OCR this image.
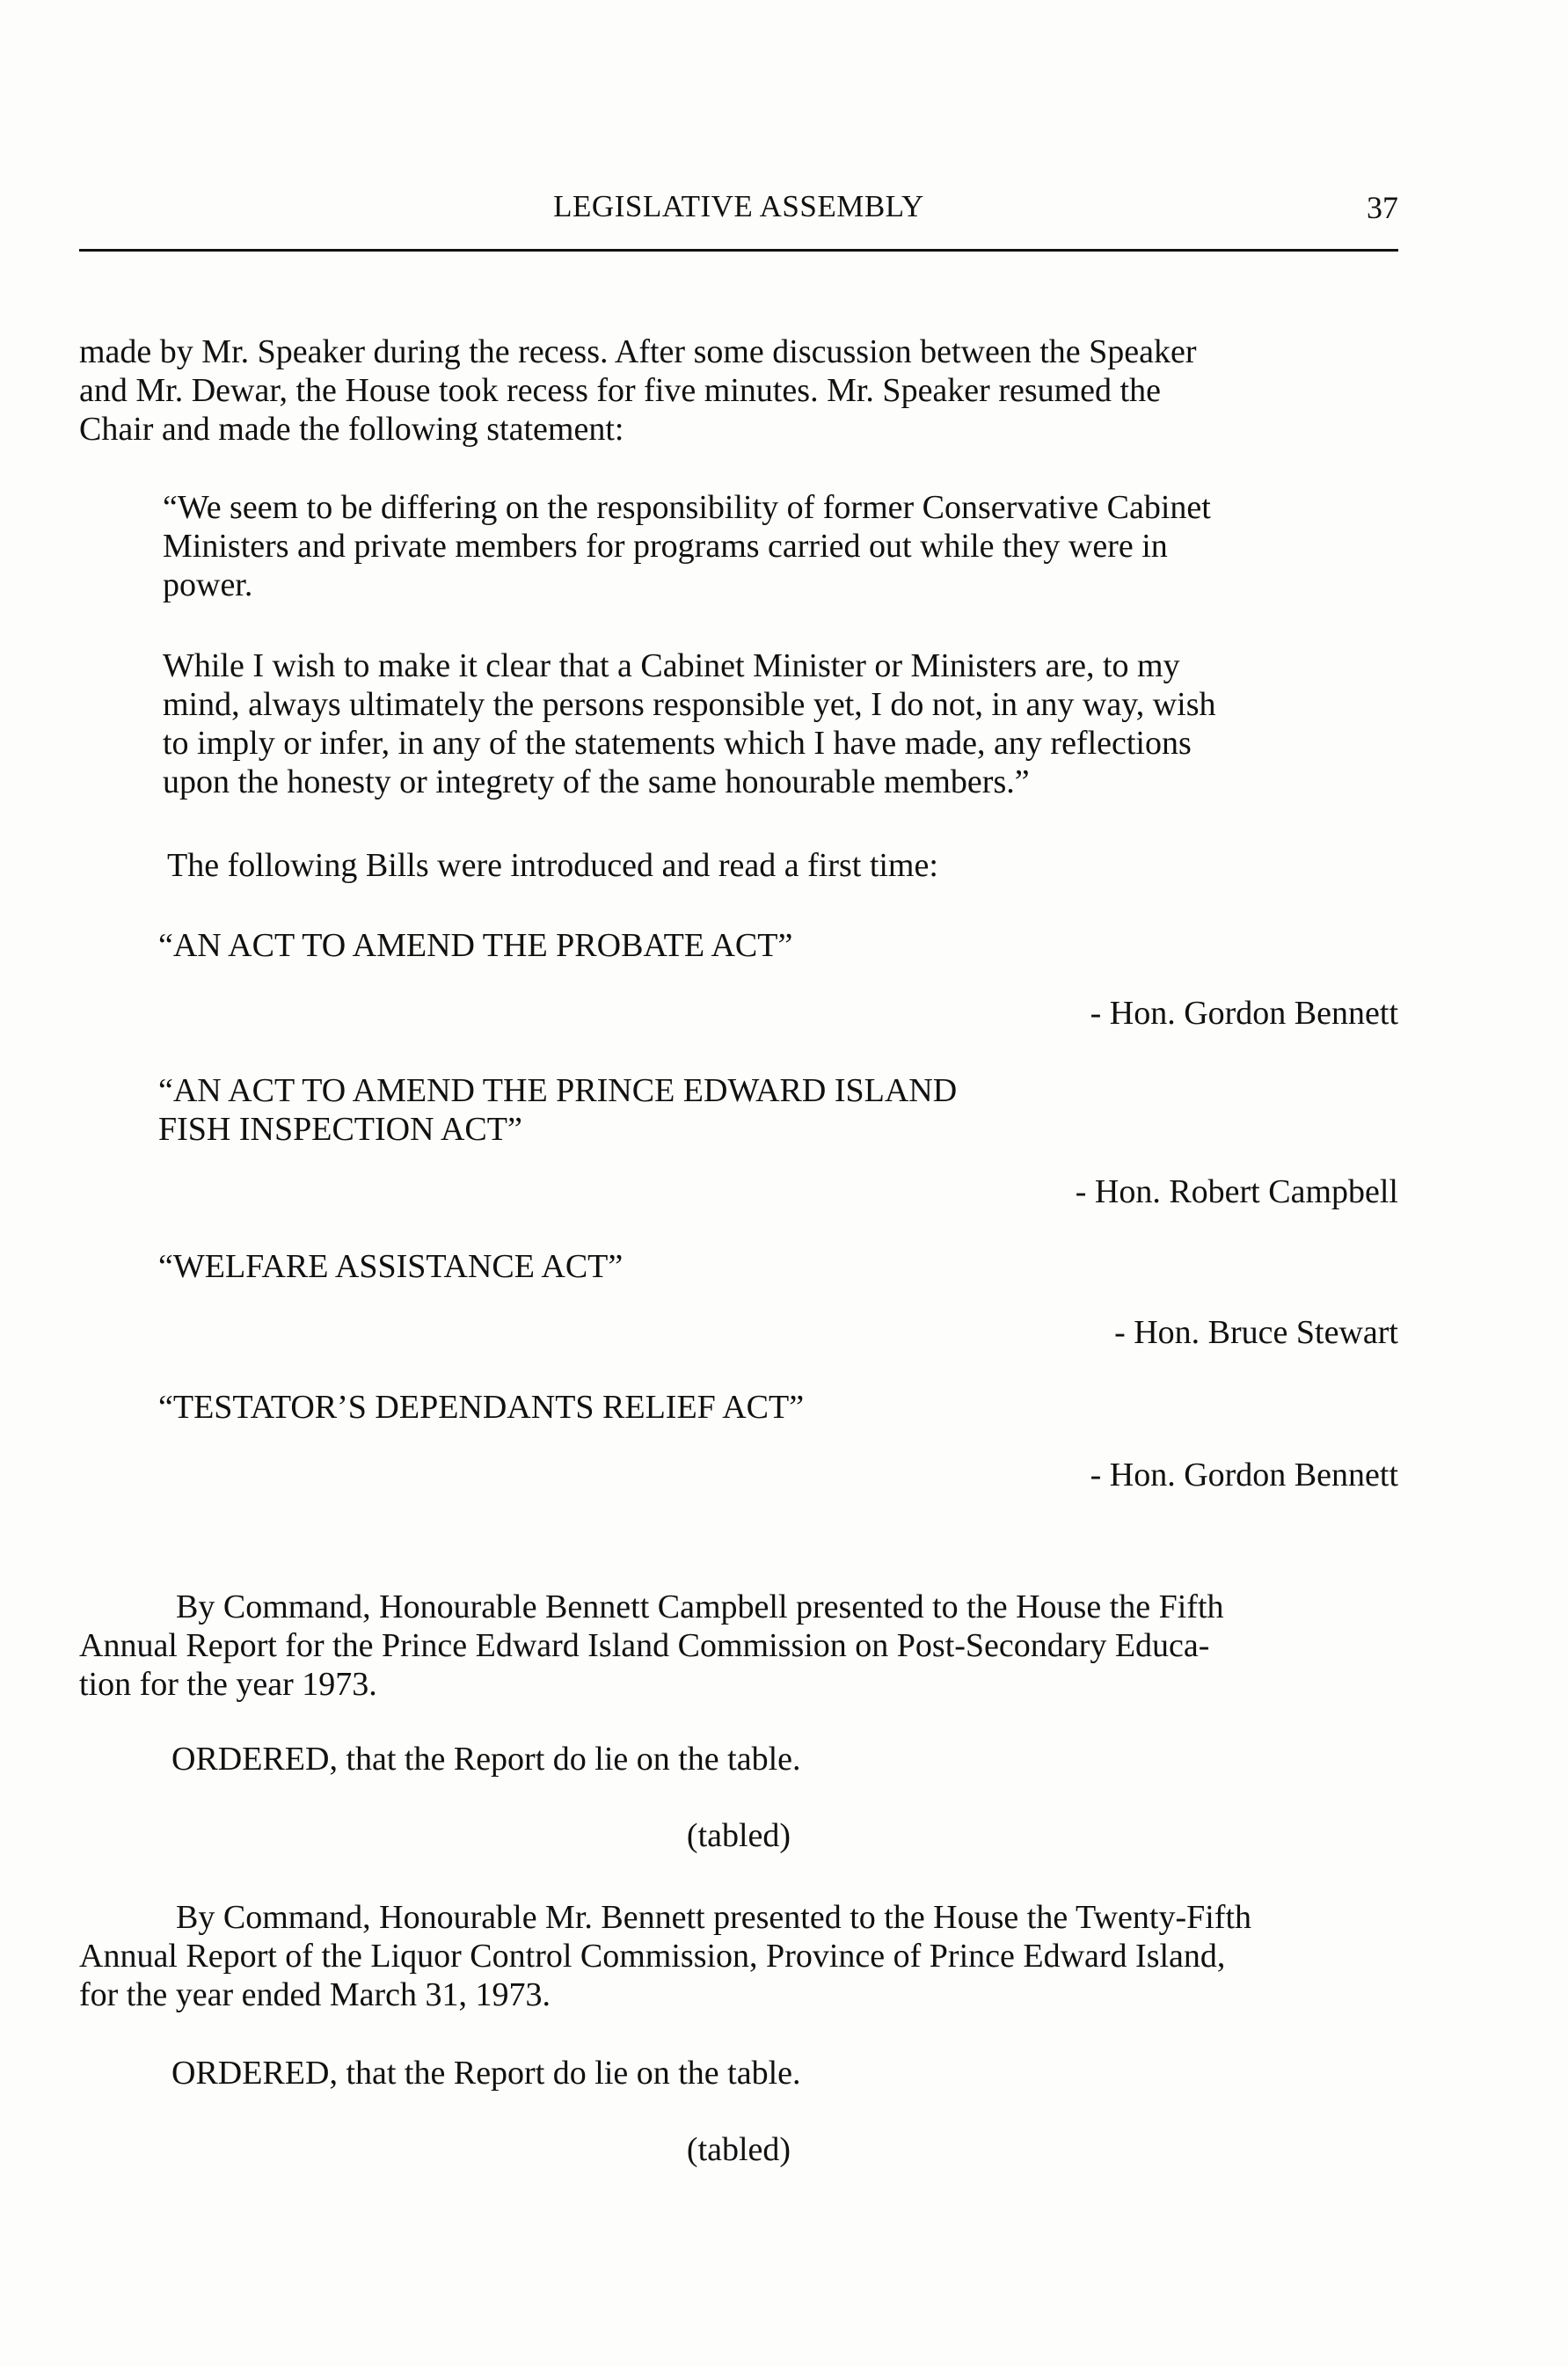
LEGISLATIVE ASSEMBLY	37
made by Mr. Speaker during the recess. After some discussion between the Speaker
and Mr. Dewar, the House took recess for five minutes. Mr. Speaker resumed the
Chair and made the following statement:
“We seem to be differing on the responsibility of former Conservative Cabinet
Ministers and private members for programs carried out while they were in
power.
While I wish to make it clear that a Cabinet Minister or Ministers are, to my
mind, always ultimately the persons responsible yet, I do not, in any way, wish
to imply or infer, in any of the statements which I have made, any reflections
upon the honesty or integrety of the same honourable members.”
The following Bills were introduced and read a first time:
“AN ACT TO AMEND THE PROBATE ACT”
- Hon. Gordon Bennett
“AN ACT TO AMEND THE PRINCE EDWARD ISLAND
FISH INSPECTION ACT”
- Hon. Robert Campbell
“WELFARE ASSISTANCE ACT”
- Hon. Bruce Stewart
“TESTATOR’S DEPENDANTS RELIEF ACT”
- Hon. Gordon Bennett
By Command, Honourable Bennett Campbell presented to the House the Fifth
Annual Report for the Prince Edward Island Commission on Post-Secondary Educa-
tion for the year 1973.
ORDERED, that the Report do lie on the table.
(tabled)
By Command, Honourable Mr. Bennett presented to the House the Twenty-Fifth
Annual Report of the Liquor Control Commission, Province of Prince Edward Island,
for the year ended March 31, 1973.
ORDERED, that the Report do lie on the table.
(tabled)
